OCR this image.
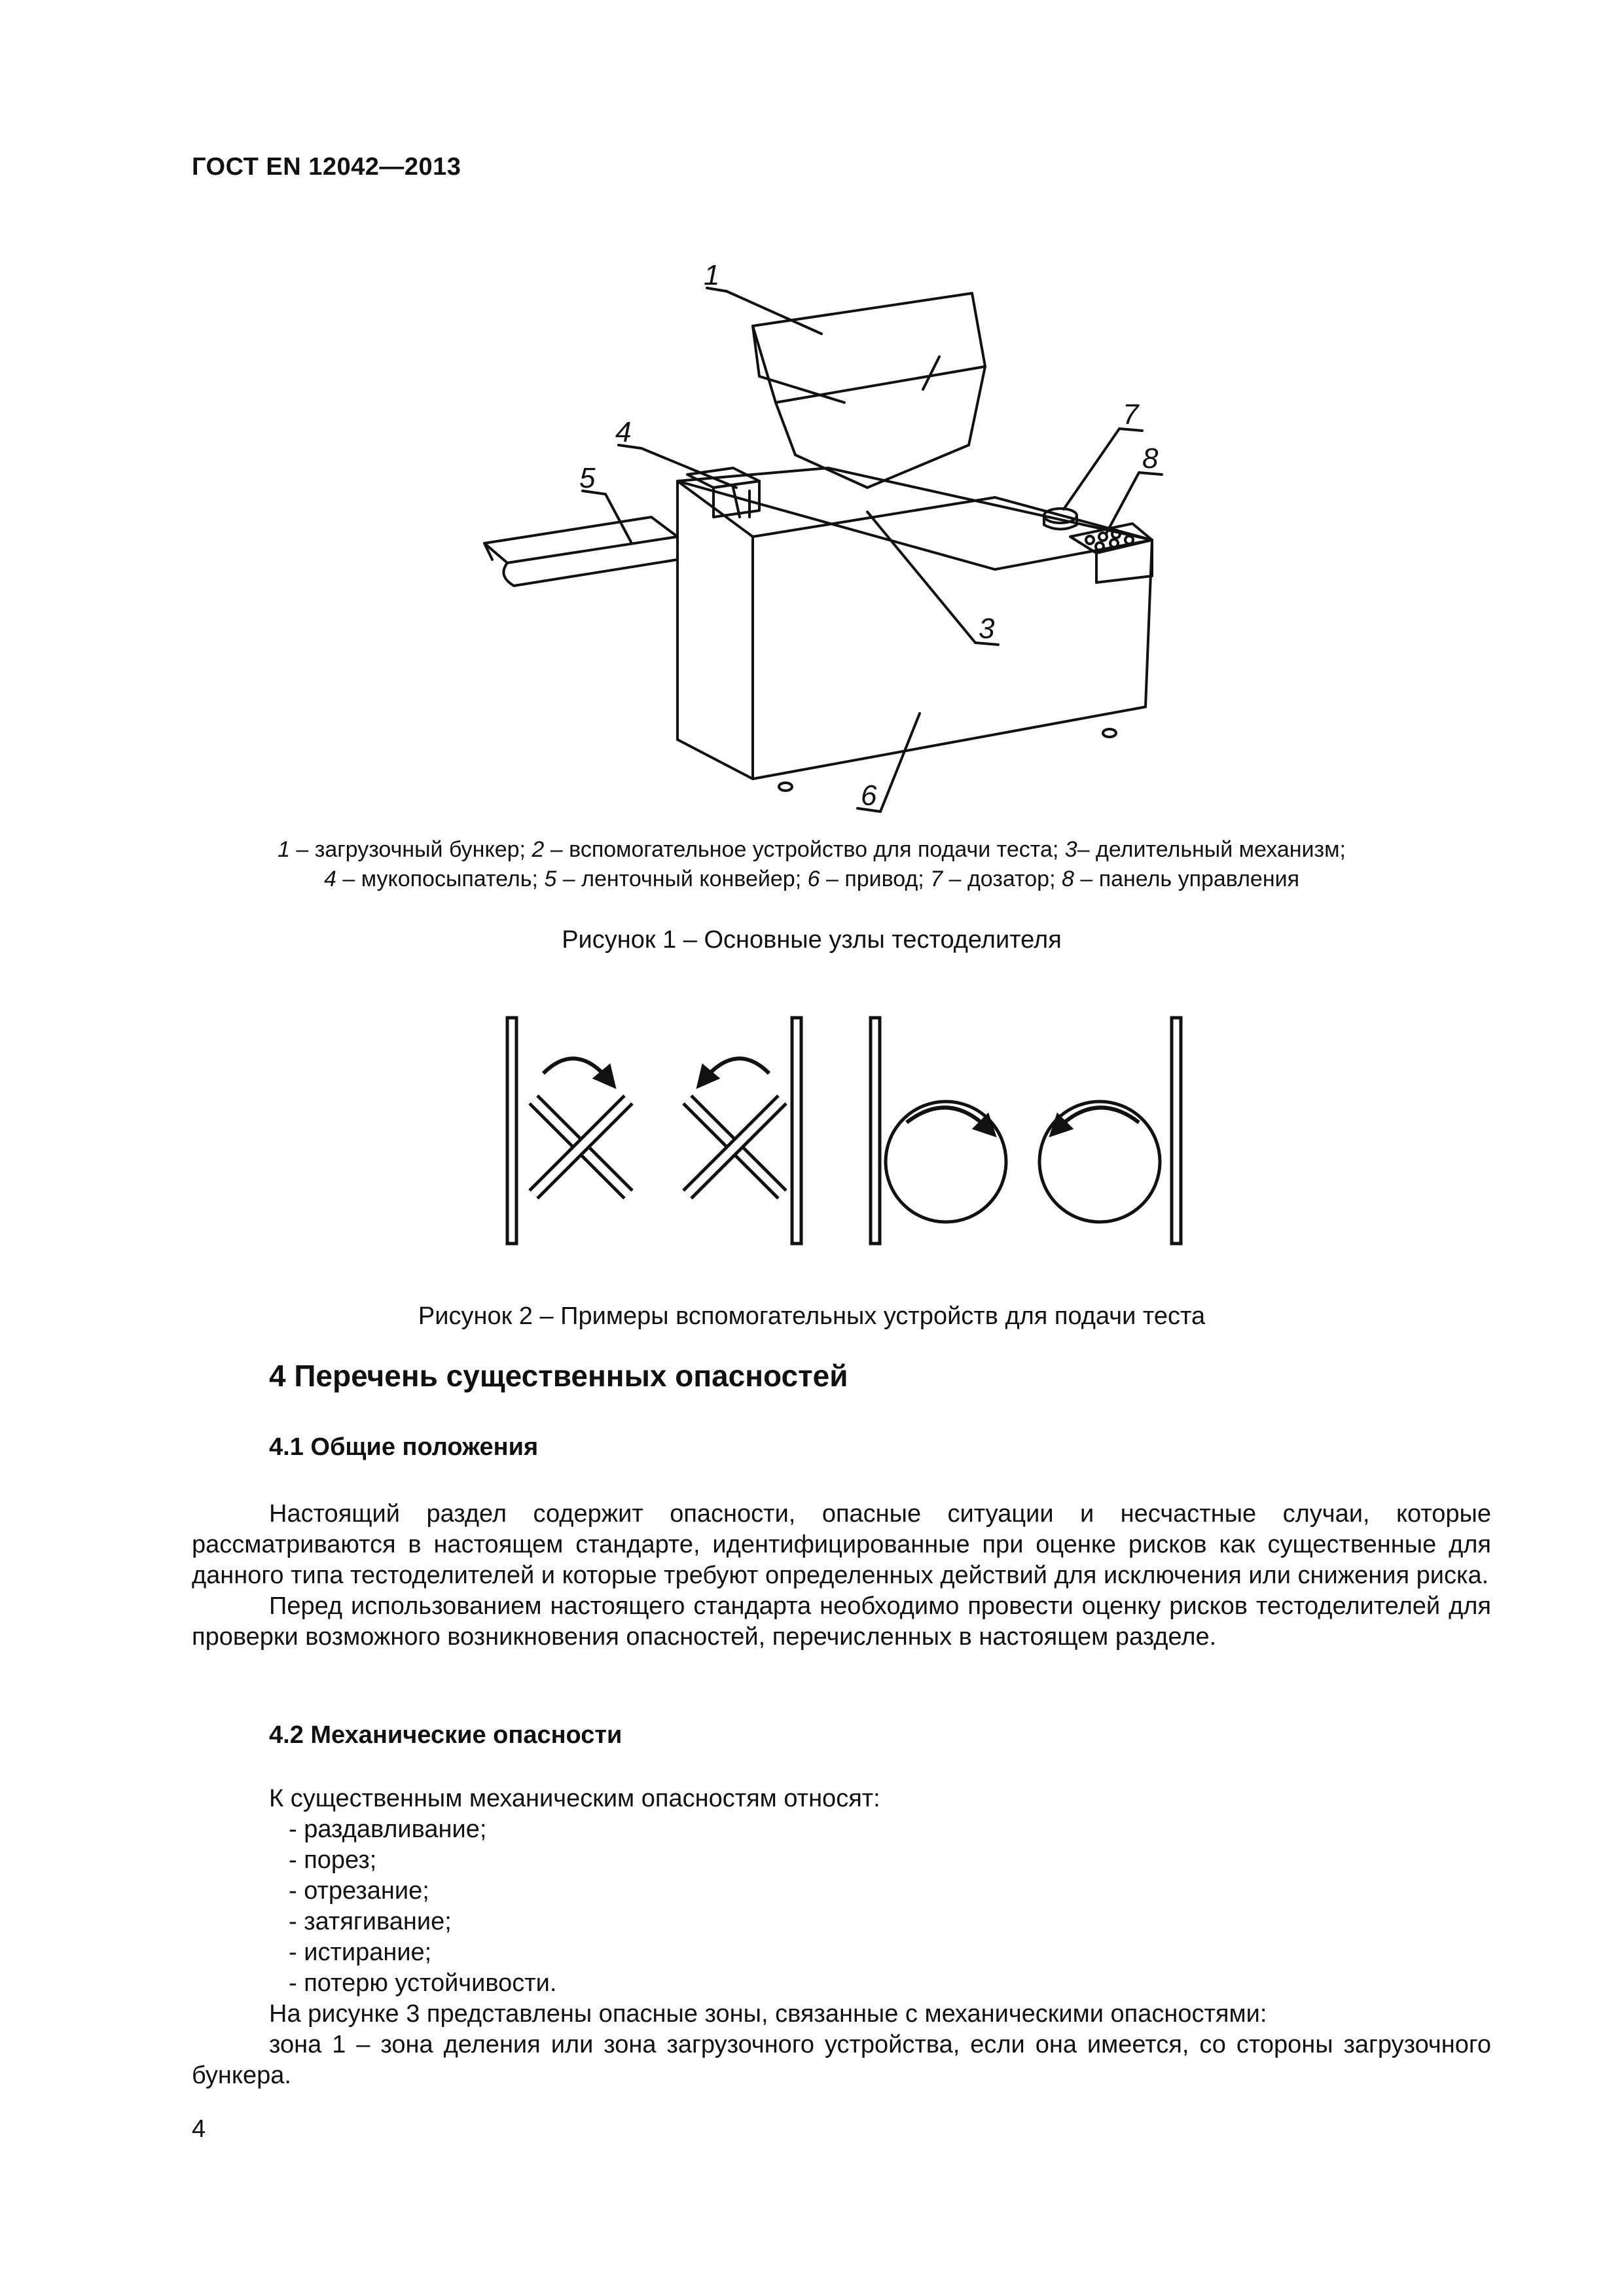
ГОСТ EN 12042—2013
1
4
5
3
6
7
8
1 – загрузочный бункер; 2 – вспомогательное устройство для подачи теста; 3– делительный механизм;
4 – мукопосыпатель; 5 – ленточный конвейер; 6 – привод; 7 – дозатор; 8 – панель управления
Рисунок 1 – Основные узлы тестоделителя
Рисунок 2 – Примеры вспомогательных устройств для подачи теста
4 Перечень существенных опасностей
4.1 Общие положения

Настоящий раздел содержит опасности, опасные ситуации и несчастные случаи, которые рассматриваются в настоящем стандарте, идентифицированные при оценке рисков как существенные для данного типа тестоделителей и которые требуют определенных действий для исключения или снижения риска.

Перед использованием настоящего стандарта необходимо провести оценку рисков тестоделителей для проверки возможного возникновения опасностей, перечисленных в настоящем разделе.

4.2 Механические опасности

К существенным механическим опасностям относят:

- раздавливание;
- порез;
- отрезание;
- затягивание;
- истирание;
- потерю устойчивости.

На рисунке 3 представлены опасные зоны, связанные с механическими опасностями:

зона 1 – зона деления или зона загрузочного устройства, если она имеется, со стороны загрузочного бункера.

4
